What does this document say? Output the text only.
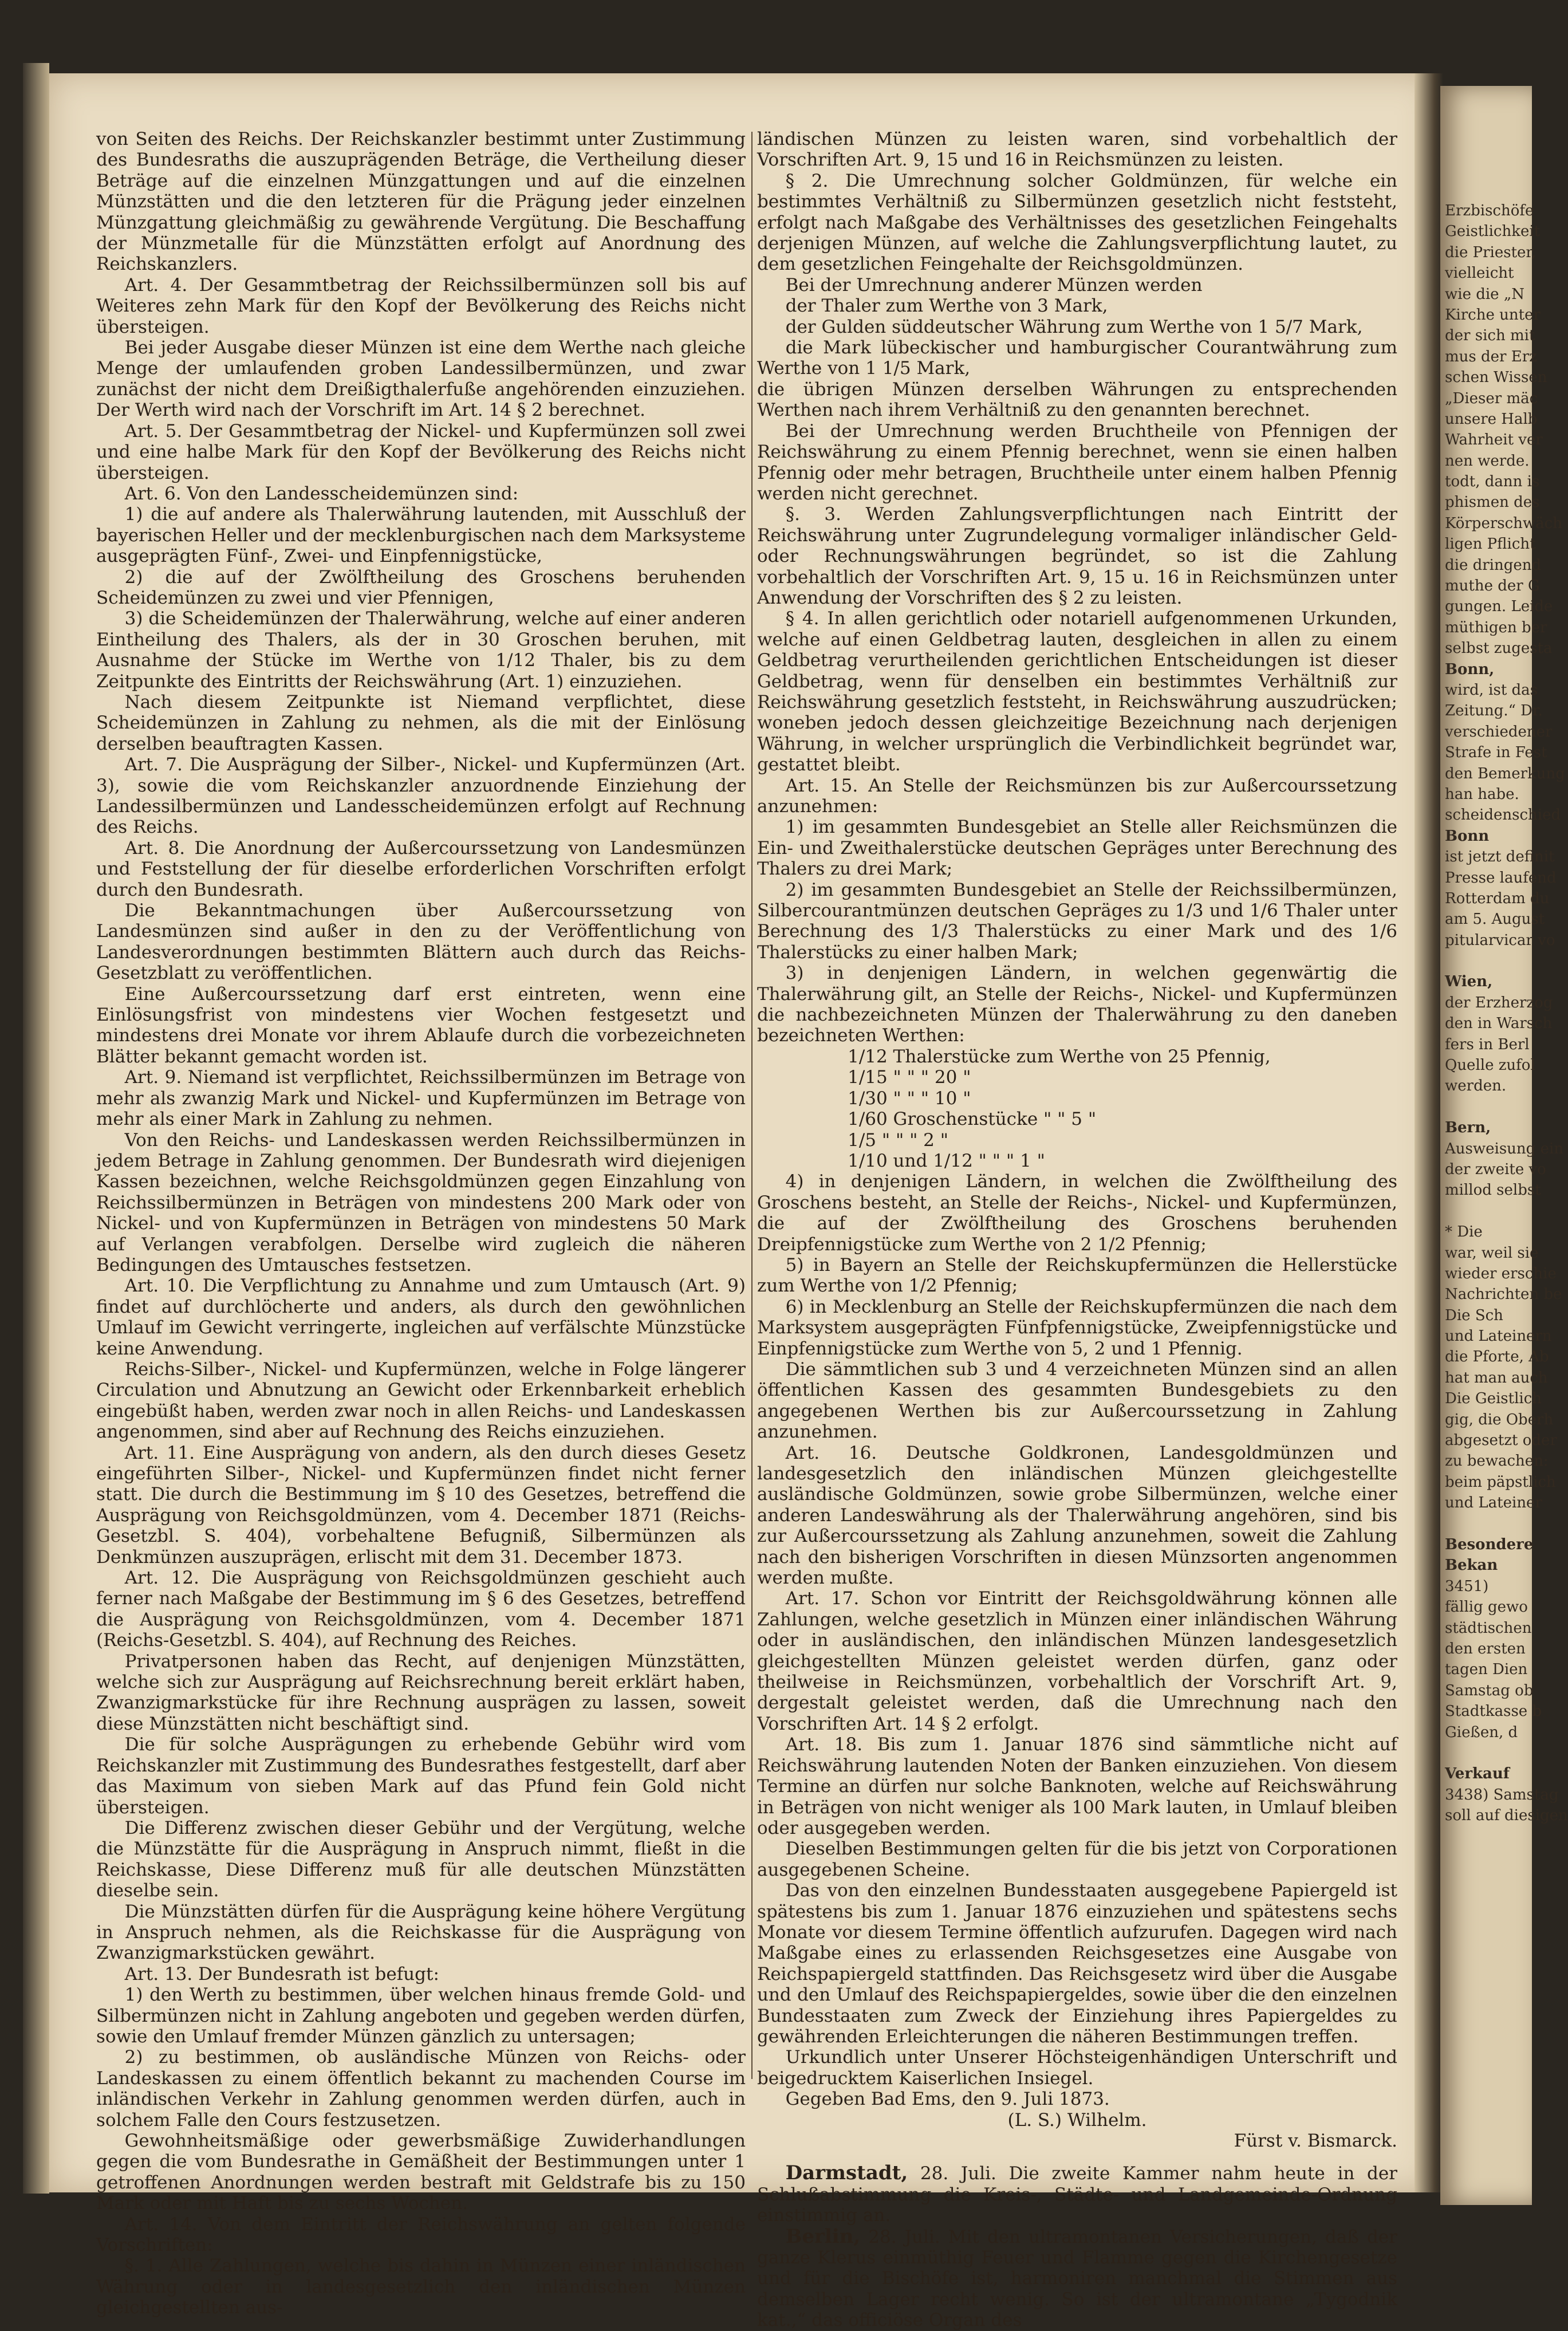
von Seiten des Reichs. Der Reichskanzler bestimmt unter Zustimmung des Bundesraths die auszuprägenden Beträge, die Vertheilung dieser Beträge auf die einzelnen Münzgattungen und auf die einzelnen Münzstätten und die den letzteren für die Prägung jeder einzelnen Münzgattung gleichmäßig zu gewährende Vergütung. Die Beschaffung der Münzmetalle für die Münzstätten erfolgt auf Anordnung des Reichskanzlers.

Art. 4. Der Gesammtbetrag der Reichssilbermünzen soll bis auf Weiteres zehn Mark für den Kopf der Bevölkerung des Reichs nicht übersteigen.

Bei jeder Ausgabe dieser Münzen ist eine dem Werthe nach gleiche Menge der umlaufenden groben Landessilbermünzen, und zwar zunächst der nicht dem Dreißigthalerfuße angehörenden einzuziehen. Der Werth wird nach der Vorschrift im Art. 14 § 2 berechnet.

Art. 5. Der Gesammtbetrag der Nickel- und Kupfermünzen soll zwei und eine halbe Mark für den Kopf der Bevölkerung des Reichs nicht übersteigen.

Art. 6. Von den Landesscheidemünzen sind:

1) die auf andere als Thalerwährung lautenden, mit Ausschluß der bayerischen Heller und der mecklenburgischen nach dem Marksysteme ausgeprägten Fünf-, Zwei- und Einpfennigstücke,

2) die auf der Zwölftheilung des Groschens beruhenden Scheidemünzen zu zwei und vier Pfennigen,

3) die Scheidemünzen der Thalerwährung, welche auf einer anderen Eintheilung des Thalers, als der in 30 Groschen beruhen, mit Ausnahme der Stücke im Werthe von 1/12 Thaler, bis zu dem Zeitpunkte des Eintritts der Reichswährung (Art. 1) einzuziehen.

Nach diesem Zeitpunkte ist Niemand verpflichtet, diese Scheidemünzen in Zahlung zu nehmen, als die mit der Einlösung derselben beauftragten Kassen.

Art. 7. Die Ausprägung der Silber-, Nickel- und Kupfermünzen (Art. 3), sowie die vom Reichskanzler anzuordnende Einziehung der Landessilbermünzen und Landesscheidemünzen erfolgt auf Rechnung des Reichs.

Art. 8. Die Anordnung der Außercourssetzung von Landesmünzen und Feststellung der für dieselbe erforderlichen Vorschriften erfolgt durch den Bundesrath.

Die Bekanntmachungen über Außercourssetzung von Landesmünzen sind außer in den zu der Veröffentlichung von Landesverordnungen bestimmten Blättern auch durch das Reichs-Gesetzblatt zu veröffentlichen.

Eine Außercourssetzung darf erst eintreten, wenn eine Einlösungsfrist von mindestens vier Wochen festgesetzt und mindestens drei Monate vor ihrem Ablaufe durch die vorbezeichneten Blätter bekannt gemacht worden ist.

Art. 9. Niemand ist verpflichtet, Reichssilbermünzen im Betrage von mehr als zwanzig Mark und Nickel- und Kupfermünzen im Betrage von mehr als einer Mark in Zahlung zu nehmen.

Von den Reichs- und Landeskassen werden Reichssilbermünzen in jedem Betrage in Zahlung genommen. Der Bundesrath wird diejenigen Kassen bezeichnen, welche Reichsgoldmünzen gegen Einzahlung von Reichssilbermünzen in Beträgen von mindestens 200 Mark oder von Nickel- und von Kupfermünzen in Beträgen von mindestens 50 Mark auf Verlangen verabfolgen. Derselbe wird zugleich die näheren Bedingungen des Umtausches festsetzen.

Art. 10. Die Verpflichtung zu Annahme und zum Umtausch (Art. 9) findet auf durchlöcherte und anders, als durch den gewöhnlichen Umlauf im Gewicht verringerte, ingleichen auf verfälschte Münzstücke keine Anwendung.

Reichs-Silber-, Nickel- und Kupfermünzen, welche in Folge längerer Circulation und Abnutzung an Gewicht oder Erkennbarkeit erheblich eingebüßt haben, werden zwar noch in allen Reichs- und Landeskassen angenommen, sind aber auf Rechnung des Reichs einzuziehen.

Art. 11. Eine Ausprägung von andern, als den durch dieses Gesetz eingeführten Silber-, Nickel- und Kupfermünzen findet nicht ferner statt. Die durch die Bestimmung im § 10 des Gesetzes, betreffend die Ausprägung von Reichsgoldmünzen, vom 4. December 1871 (Reichs-Gesetzbl. S. 404), vorbehaltene Befugniß, Silbermünzen als Denkmünzen auszuprägen, erlischt mit dem 31. December 1873.

Art. 12. Die Ausprägung von Reichsgoldmünzen geschieht auch ferner nach Maßgabe der Bestimmung im § 6 des Gesetzes, betreffend die Ausprägung von Reichsgoldmünzen, vom 4. December 1871 (Reichs-Gesetzbl. S. 404), auf Rechnung des Reiches.

Privatpersonen haben das Recht, auf denjenigen Münzstätten, welche sich zur Ausprägung auf Reichsrechnung bereit erklärt haben, Zwanzigmarkstücke für ihre Rechnung ausprägen zu lassen, soweit diese Münzstätten nicht beschäftigt sind.

Die für solche Ausprägungen zu erhebende Gebühr wird vom Reichskanzler mit Zustimmung des Bundesrathes festgestellt, darf aber das Maximum von sieben Mark auf das Pfund fein Gold nicht übersteigen.

Die Differenz zwischen dieser Gebühr und der Vergütung, welche die Münzstätte für die Ausprägung in Anspruch nimmt, fließt in die Reichskasse, Diese Differenz muß für alle deutschen Münzstätten dieselbe sein.

Die Münzstätten dürfen für die Ausprägung keine höhere Vergütung in Anspruch nehmen, als die Reichskasse für die Ausprägung von Zwanzigmarkstücken gewährt.

Art. 13. Der Bundesrath ist befugt:

1) den Werth zu bestimmen, über welchen hinaus fremde Gold- und Silbermünzen nicht in Zahlung angeboten und gegeben werden dürfen, sowie den Umlauf fremder Münzen gänzlich zu untersagen;

2) zu bestimmen, ob ausländische Münzen von Reichs- oder Landeskassen zu einem öffentlich bekannt zu machenden Course im inländischen Verkehr in Zahlung genommen werden dürfen, auch in solchem Falle den Cours festzusetzen.

Gewohnheitsmäßige oder gewerbsmäßige Zuwiderhandlungen gegen die vom Bundesrathe in Gemäßheit der Bestimmungen unter 1 getroffenen Anordnungen werden bestraft mit Geldstrafe bis zu 150 Mark oder mit Haft bis zu sechs Wochen.

Art. 14. Von dem Eintritt der Reichswährung an gelten folgende Vorschriften:

§. 1. Alle Zahlungen, welche bis dahin in Münzen einer inländischen Währung oder in landesgesetzlich den inländischen Münzen gleichgestellten aus-

ländischen Münzen zu leisten waren, sind vorbehaltlich der Vorschriften Art. 9, 15 und 16 in Reichsmünzen zu leisten.

§ 2. Die Umrechnung solcher Goldmünzen, für welche ein bestimmtes Verhältniß zu Silbermünzen gesetzlich nicht feststeht, erfolgt nach Maßgabe des Verhältnisses des gesetzlichen Feingehalts derjenigen Münzen, auf welche die Zahlungsverpflichtung lautet, zu dem gesetzlichen Feingehalte der Reichsgoldmünzen.

Bei der Umrechnung anderer Münzen werden

der Thaler zum Werthe von 3 Mark,

der Gulden süddeutscher Währung zum Werthe von 1 5/7 Mark,

die Mark lübeckischer und hamburgischer Courantwährung zum Werthe von 1 1/5 Mark,

die übrigen Münzen derselben Währungen zu entsprechenden Werthen nach ihrem Verhältniß zu den genannten berechnet.

Bei der Umrechnung werden Bruchtheile von Pfennigen der Reichswährung zu einem Pfennig berechnet, wenn sie einen halben Pfennig oder mehr betragen, Bruchtheile unter einem halben Pfennig werden nicht gerechnet.

§. 3. Werden Zahlungsverpflichtungen nach Eintritt der Reichswährung unter Zugrundelegung vormaliger inländischer Geld- oder Rechnungswährungen begründet, so ist die Zahlung vorbehaltlich der Vorschriften Art. 9, 15 u. 16 in Reichsmünzen unter Anwendung der Vorschriften des § 2 zu leisten.

§ 4. In allen gerichtlich oder notariell aufgenommenen Urkunden, welche auf einen Geldbetrag lauten, desgleichen in allen zu einem Geldbetrag verurtheilenden gerichtlichen Entscheidungen ist dieser Geldbetrag, wenn für denselben ein bestimmtes Verhältniß zur Reichswährung gesetzlich feststeht, in Reichswährung auszudrücken; woneben jedoch dessen gleichzeitige Bezeichnung nach derjenigen Währung, in welcher ursprünglich die Verbindlichkeit begründet war, gestattet bleibt.

Art. 15. An Stelle der Reichsmünzen bis zur Außercourssetzung anzunehmen:

1) im gesammten Bundesgebiet an Stelle aller Reichsmünzen die Ein- und Zweithalerstücke deutschen Gepräges unter Berechnung des Thalers zu drei Mark;

2) im gesammten Bundesgebiet an Stelle der Reichssilbermünzen, Silbercourantmünzen deutschen Gepräges zu 1/3 und 1/6 Thaler unter Berechnung des 1/3 Thalerstücks zu einer Mark und des 1/6 Thalerstücks zu einer halben Mark;

3) in denjenigen Ländern, in welchen gegenwärtig die Thalerwährung gilt, an Stelle der Reichs-, Nickel- und Kupfermünzen die nachbezeichneten Münzen der Thalerwährung zu den daneben bezeichneten Werthen:

1/12 Thalerstücke zum Werthe von 25 Pfennig,

1/15 " " " 20 "

1/30 " " " 10 "

1/60 Groschenstücke " " 5 "

1/5 " " " 2 "

1/10 und 1/12 " " " 1 "

4) in denjenigen Ländern, in welchen die Zwölftheilung des Groschens besteht, an Stelle der Reichs-, Nickel- und Kupfermünzen, die auf der Zwölftheilung des Groschens beruhenden Dreipfennigstücke zum Werthe von 2 1/2 Pfennig;

5) in Bayern an Stelle der Reichskupfermünzen die Hellerstücke zum Werthe von 1/2 Pfennig;

6) in Mecklenburg an Stelle der Reichskupfermünzen die nach dem Marksystem ausgeprägten Fünfpfennigstücke, Zweipfennigstücke und Einpfennigstücke zum Werthe von 5, 2 und 1 Pfennig.

Die sämmtlichen sub 3 und 4 verzeichneten Münzen sind an allen öffentlichen Kassen des gesammten Bundesgebiets zu den angegebenen Werthen bis zur Außercourssetzung in Zahlung anzunehmen.

Art. 16. Deutsche Goldkronen, Landesgoldmünzen und landesgesetzlich den inländischen Münzen gleichgestellte ausländische Goldmünzen, sowie grobe Silbermünzen, welche einer anderen Landeswährung als der Thalerwährung angehören, sind bis zur Außercourssetzung als Zahlung anzunehmen, soweit die Zahlung nach den bisherigen Vorschriften in diesen Münzsorten angenommen werden mußte.

Art. 17. Schon vor Eintritt der Reichsgoldwährung können alle Zahlungen, welche gesetzlich in Münzen einer inländischen Währung oder in ausländischen, den inländischen Münzen landesgesetzlich gleichgestellten Münzen geleistet werden dürfen, ganz oder theilweise in Reichsmünzen, vorbehaltlich der Vorschrift Art. 9, dergestalt geleistet werden, daß die Umrechnung nach den Vorschriften Art. 14 § 2 erfolgt.

Art. 18. Bis zum 1. Januar 1876 sind sämmtliche nicht auf Reichswährung lautenden Noten der Banken einzuziehen. Von diesem Termine an dürfen nur solche Banknoten, welche auf Reichswährung in Beträgen von nicht weniger als 100 Mark lauten, in Umlauf bleiben oder ausgegeben werden.

Dieselben Bestimmungen gelten für die bis jetzt von Corporationen ausgegebenen Scheine.

Das von den einzelnen Bundesstaaten ausgegebene Papiergeld ist spätestens bis zum 1. Januar 1876 einzuziehen und spätestens sechs Monate vor diesem Termine öffentlich aufzurufen. Dagegen wird nach Maßgabe eines zu erlassenden Reichsgesetzes eine Ausgabe von Reichspapiergeld stattfinden. Das Reichsgesetz wird über die Ausgabe und den Umlauf des Reichspapiergeldes, sowie über die den einzelnen Bundesstaaten zum Zweck der Einziehung ihres Papiergeldes zu gewährenden Erleichterungen die näheren Bestimmungen treffen.

Urkundlich unter Unserer Höchsteigenhändigen Unterschrift und beigedrucktem Kaiserlichen Insiegel.

Gegeben Bad Ems, den 9. Juli 1873.

(L. S.) Wilhelm.

Fürst v. Bismarck.

Darmstadt, 28. Juli. Die zweite Kammer nahm heute in der Schlußabstimmung die Kreis-, Städte- und Landgemeinde-Ordnung einstimmig an.

Berlin, 28. Juli. Mit den ultramontanen Versicherungen, daß der ganze Klerus einmüthig Feuer und Flamme gegen die Kirchengesetze und für die Bischöfe ist, harmoniren manchmal die Stimmen aus demselben Lager recht wenig. So ist der ultramontane „Tygodnik kat.,“ das officiöse Organ des

Erzbischöfe
Geistlichkeit
die Priester,
vielleicht
wie die „N
Kirche unter
der sich mit
mus der Erz
schen Wissen
„Dieser mäc
unsere Halb
Wahrheit ver
nen werde.
todt, dann is
phismen des
Körperschwäch
ligen Pflicht
die dringend
muthe der G
gungen. Leide
müthigen ber
selbst zugesta
Bonn,
wird, ist das
Zeitung.“ Dr.
verschiedener
Strafe in Fest
den Bemerkung
han habe.
scheidenschied
Bonn
ist jetzt definit
Presse laufend
Rotterdam du
am 5. August
pitularvicar vo
Wien,
der Erzherzog
den in Warsch
fers in Berl
Quelle zufol
werden.
Bern,
Ausweisung ein
der zweite vo
millod selbst
* Die
war, weil sie
wieder erschie
Nachrichten be
Die Sch
und Lateinern
die Pforte, Ab
hat man auch
Die Geistlich
gig, die Oberh
abgesetzt oder
zu bewachen:
beim päpstlich
und Lateiner
Besondere
Bekan
3451)
fällig gewo
städtischen
den ersten
tagen Dien
Samstag ob
Stadtkasse b
Gießen, d
Verkauf
3438) Samstag
soll auf diesigen
